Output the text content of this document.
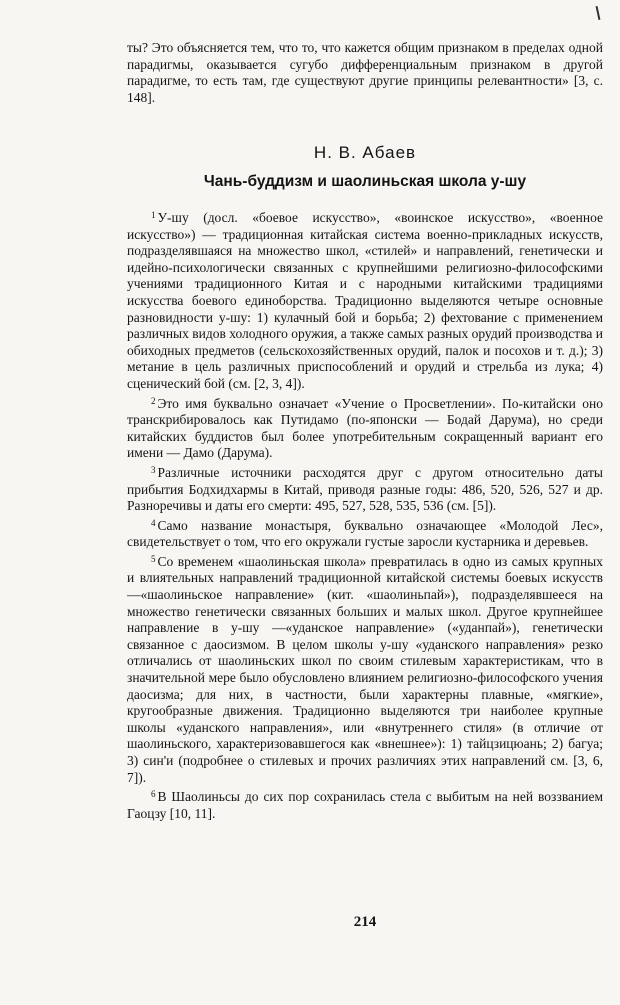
ты? Это объясняется тем, что то, что кажется общим признаком в пределах одной парадигмы, оказывается сугубо дифференциальным признаком в другой парадигме, то есть там, где существуют другие принципы релевантности» [3, с. 148].

Н. В. Абаев
Чань-буддизм и шаолиньская школа у-шу

$^1$ У-шу (досл. «боевое искусство», «воинское искусство», «военное искусство») — традиционная китайская система военно-прикладных искусств, подразделявшаяся на множество школ, «стилей» и направлений, генетически и идейно-психологически связанных с крупнейшими религиозно-философскими учениями традиционного Китая и с народными китайскими традициями искусства боевого единоборства. Традиционно выделяются четыре основные разновидности у-шу: 1) кулачный бой и борьба; 2) фехтование с применением различных видов холодного оружия, а также самых разных орудий производства и обиходных предметов (сельскохозяйственных орудий, палок и посохов и т. д.); 3) метание в цель различных приспособлений и орудий и стрельба из лука; 4) сценический бой (см. [2, 3, 4]).

$^2$ Это имя буквально означает «Учение о Просветлении». По-китайски оно транскрибировалось как Путидамо (по-японски — Бодай Дарума), но среди китайских буддистов был более употребительным сокращенный вариант его имени — Дамо (Дарума).

$^3$ Различные источники расходятся друг с другом относительно даты прибытия Бодхидхармы в Китай, приводя разные годы: 486, 520, 526, 527 и др. Разноречивы и даты его смерти: 495, 527, 528, 535, 536 (см. [5]).

$^4$ Само название монастыря, буквально означающее «Молодой Лес», свидетельствует о том, что его окружали густые заросли кустарника и деревьев.

$^5$ Со временем «шаолиньская школа» превратилась в одно из самых крупных и влиятельных направлений традиционной китайской системы боевых искусств —«шаолиньское направление» (кит. «шаолиньпай»), подразделявшееся на множество генетически связанных больших и малых школ. Другое крупнейшее направление в у-шу —«уданское направление» («уданпай»), генетически связанное с даосизмом. В целом школы у-шу «уданского направления» резко отличались от шаолиньских школ по своим стилевым характеристикам, что в значительной мере было обусловлено влиянием религиозно-философского учения даосизма; для них, в частности, были характерны плавные, «мягкие», кругообразные движения. Традиционно выделяются три наиболее крупные школы «уданского направления», или «внутреннего стиля» (в отличие от шаолиньского, характеризовавшегося как «внешнее»): 1) тайцзицюань; 2) багуа; 3) син'и (подробнее о стилевых и прочих различиях этих направлений см. [3, 6, 7]).

$^6$ В Шаолиньсы до сих пор сохранилась стела с выбитым на ней воззванием Гаоцзу [10, 11].

214
